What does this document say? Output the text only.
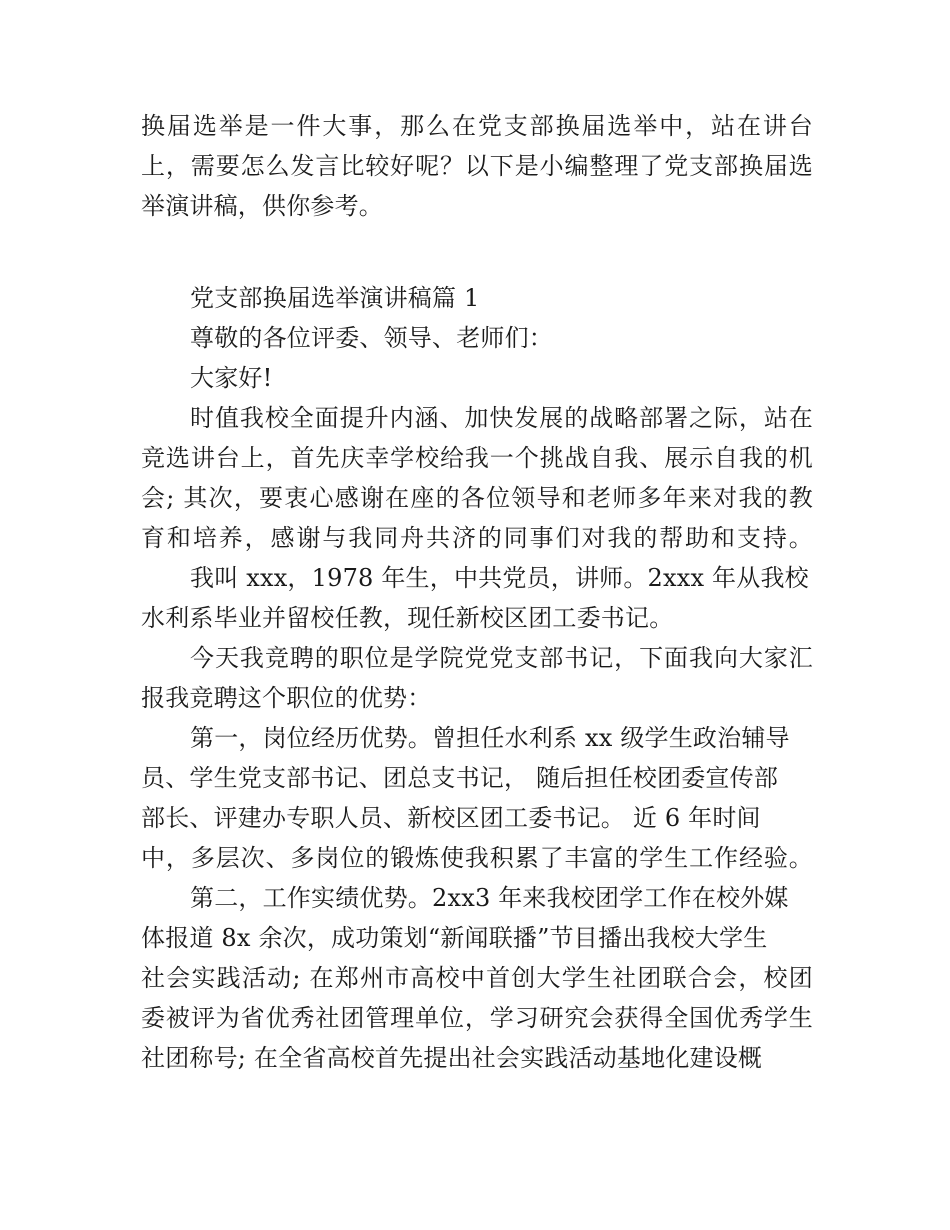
换届选举是一件大事，那么在党支部换届选举中，站在讲台
上，需要怎么发言比较好呢？以下是小编整理了党支部换届选
举演讲稿，供你参考。
党支部换届选举演讲稿篇 1
尊敬的各位评委、领导、老师们：
大家好!
时值我校全面提升内涵、加快发展的战略部署之际，站在
竞选讲台上，首先庆幸学校给我一个挑战自我、展示自我的机
会; 其次，要衷心感谢在座的各位领导和老师多年来对我的教
育和培养，感谢与我同舟共济的同事们对我的帮助和支持。
我叫 xxx，1978 年生，中共党员，讲师。2xxx 年从我校
水利系毕业并留校任教，现任新校区团工委书记。
今天我竞聘的职位是学院党党支部书记，下面我向大家汇
报我竞聘这个职位的优势：
第一，岗位经历优势。曾担任水利系 xx 级学生政治辅导
员、学生党支部书记、团总支书记， 随后担任校团委宣传部
部长、评建办专职人员、新校区团工委书记。 近 6 年时间
中，多层次、多岗位的锻炼使我积累了丰富的学生工作经验。
第二，工作实绩优势。2xx3 年来我校团学工作在校外媒
体报道 8x 余次，成功策划“新闻联播”节目播出我校大学生
社会实践活动; 在郑州市高校中首创大学生社团联合会，校团
委被评为省优秀社团管理单位，学习研究会获得全国优秀学生
社团称号; 在全省高校首先提出社会实践活动基地化建设概
